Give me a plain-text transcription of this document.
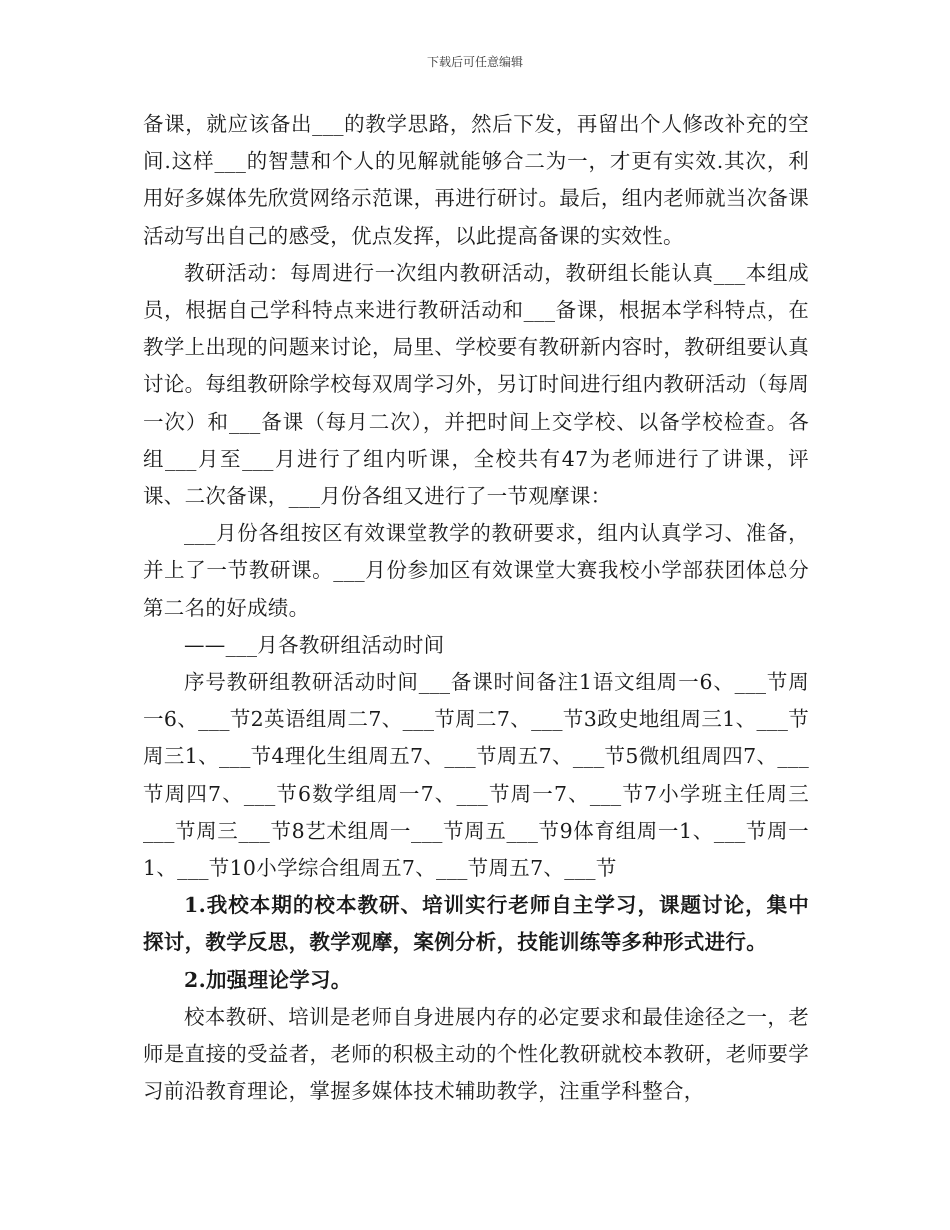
下载后可任意编辑

备课，就应该备出___的教学思路，然后下发，再留出个人修改补充的空间.这样___的智慧和个人的见解就能够合二为一，才更有实效.其次，利用好多媒体先欣赏网络示范课，再进行研讨。最后，组内老师就当次备课活动写出自己的感受，优点发挥，以此提高备课的实效性。

教研活动：每周进行一次组内教研活动，教研组长能认真___本组成员，根据自己学科特点来进行教研活动和___备课，根据本学科特点，在教学上出现的问题来讨论，局里、学校要有教研新内容时，教研组要认真讨论。每组教研除学校每双周学习外，另订时间进行组内教研活动（每周一次）和___备课（每月二次），并把时间上交学校、以备学校检查。各组___月至___月进行了组内听课，全校共有47为老师进行了讲课，评课、二次备课，___月份各组又进行了一节观摩课：

___月份各组按区有效课堂教学的教研要求，组内认真学习、准备，并上了一节教研课。___月份参加区有效课堂大赛我校小学部获团体总分第二名的好成绩。

——___月各教研组活动时间

序号教研组教研活动时间___备课时间备注1语文组周一6、___节周一6、___节2英语组周二7、___节周二7、___节3政史地组周三1、___节周三1、___节4理化生组周五7、___节周五7、___节5微机组周四7、___节周四7、___节6数学组周一7、___节周一7、___节7小学班主任周三___节周三___节8艺术组周一___节周五___节9体育组周一1、___节周一1、___节10小学综合组周五7、___节周五7、___节

1.我校本期的校本教研、培训实行老师自主学习，课题讨论，集中探讨，教学反思，教学观摩，案例分析，技能训练等多种形式进行。

2.加强理论学习。

校本教研、培训是老师自身进展内存的必定要求和最佳途径之一，老师是直接的受益者，老师的积极主动的个性化教研就校本教研，老师要学习前沿教育理论，掌握多媒体技术辅助教学，注重学科整合，
